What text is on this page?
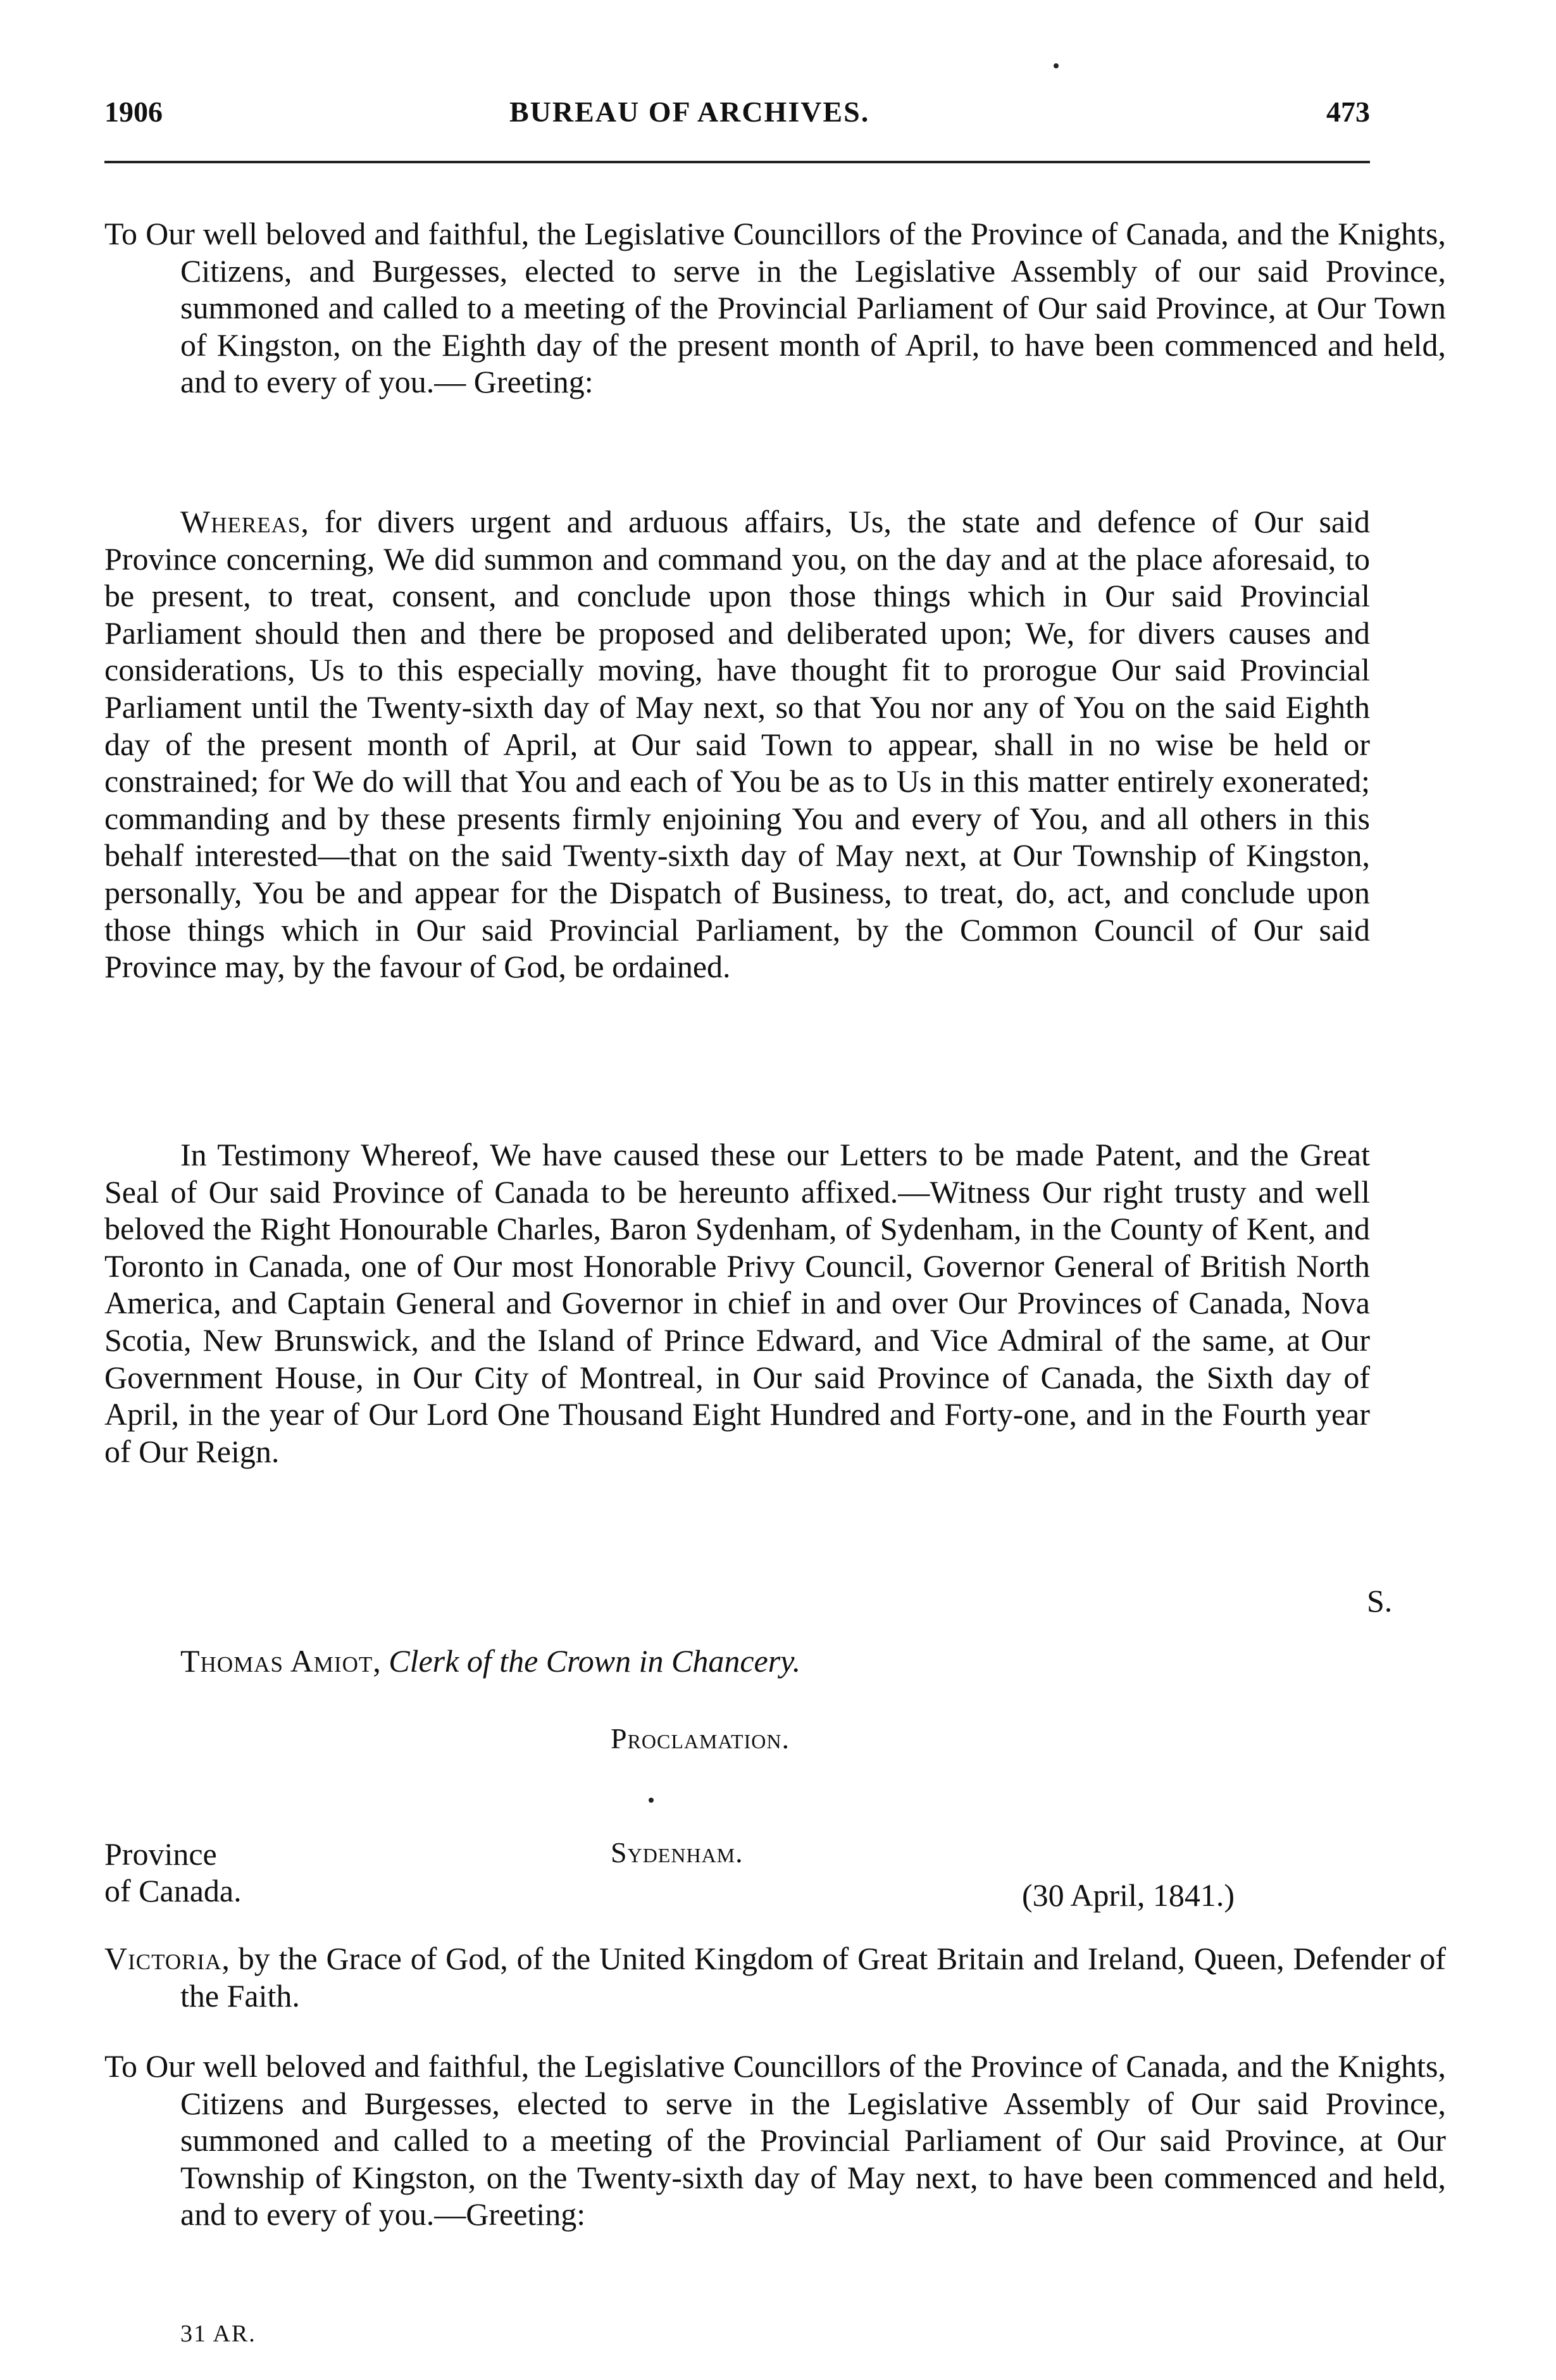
1906	BUREAU OF ARCHIVES.	473

To Our well beloved and faithful, the Legislative Councillors of the Province of Canada, and the Knights, Citizens, and Burgesses, elected to serve in the Legislative Assembly of our said Province, summoned and called to a meeting of the Provincial Parliament of Our said Province, at Our Town of Kingston, on the Eighth day of the present month of April, to have been commenced and held, and to every of you.— Greeting:

Whereas, for divers urgent and arduous affairs, Us, the state and defence of Our said Province concerning, We did summon and command you, on the day and at the place aforesaid, to be present, to treat, consent, and conclude upon those things which in Our said Provincial Parliament should then and there be proposed and deliberated upon; We, for divers causes and considerations, Us to this especially moving, have thought fit to prorogue Our said Provincial Parliament until the Twenty-sixth day of May next, so that You nor any of You on the said Eighth day of the present month of April, at Our said Town to appear, shall in no wise be held or constrained; for We do will that You and each of You be as to Us in this matter entirely exonerated; commanding and by these presents firmly enjoining You and every of You, and all others in this behalf interested—that on the said Twenty-sixth day of May next, at Our Township of Kingston, personally, You be and appear for the Dispatch of Business, to treat, do, act, and conclude upon those things which in Our said Provincial Parliament, by the Common Council of Our said Province may, by the favour of God, be ordained.

In Testimony Whereof, We have caused these our Letters to be made Patent, and the Great Seal of Our said Province of Canada to be hereunto affixed.—Witness Our right trusty and well beloved the Right Honourable Charles, Baron Sydenham, of Sydenham, in the County of Kent, and Toronto in Canada, one of Our most Honorable Privy Council, Governor General of British North America, and Captain General and Governor in chief in and over Our Provinces of Canada, Nova Scotia, New Brunswick, and the Island of Prince Edward, and Vice Admiral of the same, at Our Government House, in Our City of Montreal, in Our said Province of Canada, the Sixth day of April, in the year of Our Lord One Thousand Eight Hundred and Forty-one, and in the Fourth year of Our Reign.

S.
Thomas Amiot, Clerk of the Crown in Chancery.
Proclamation.
Province
of Canada.
Sydenham.
(30 April, 1841.)

Victoria, by the Grace of God, of the United Kingdom of Great Britain and Ireland, Queen, Defender of the Faith.

To Our well beloved and faithful, the Legislative Councillors of the Province of Canada, and the Knights, Citizens and Burgesses, elected to serve in the Legislative Assembly of Our said Province, summoned and called to a meeting of the Provincial Parliament of Our said Province, at Our Township of Kingston, on the Twenty-sixth day of May next, to have been commenced and held, and to every of you.—Greeting:

31 AR.
